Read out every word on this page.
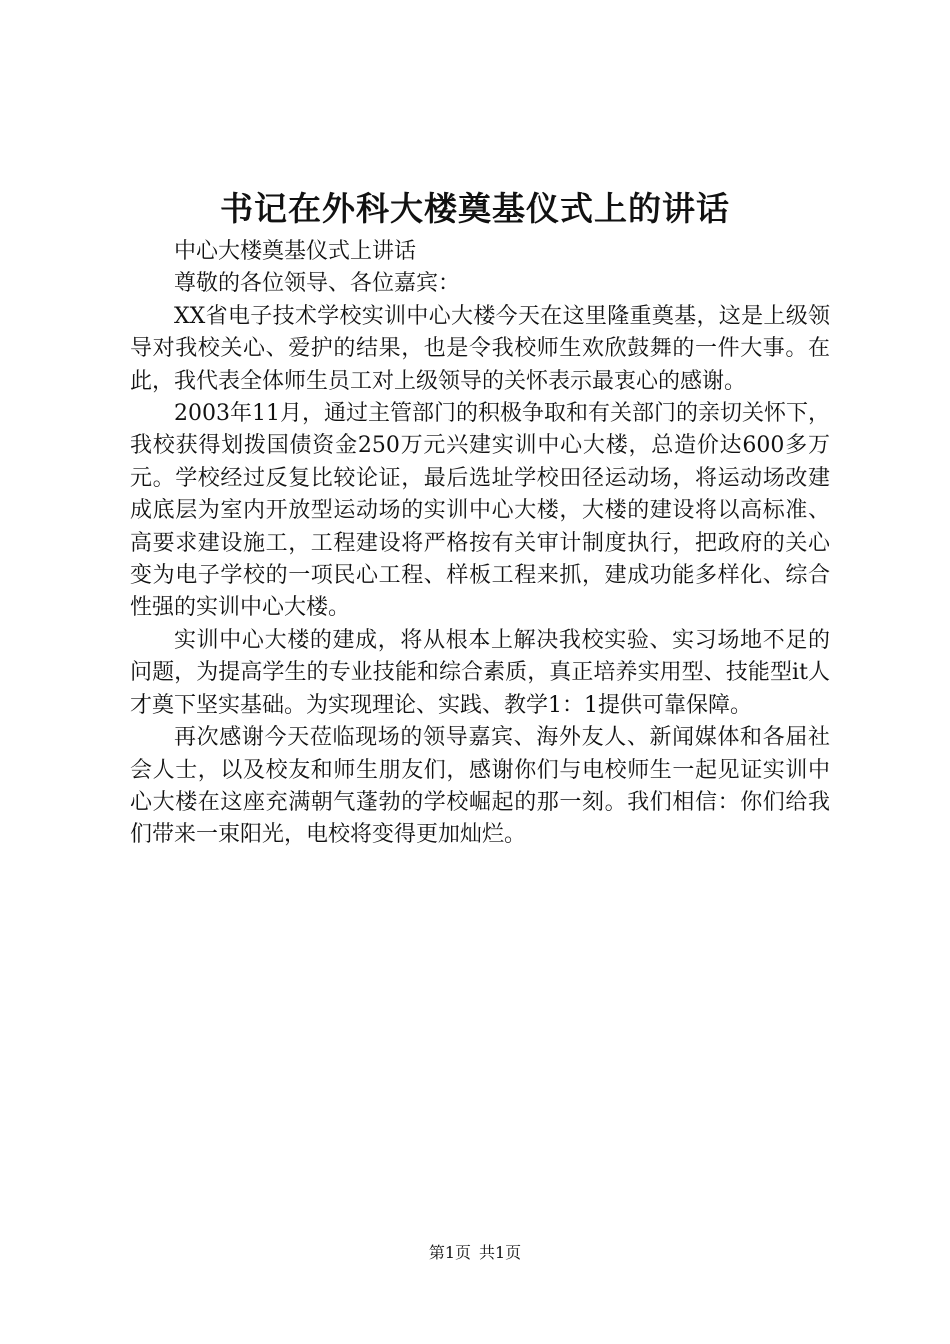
书记在外科大楼奠基仪式上的讲话

中心大楼奠基仪式上讲话

尊敬的各位领导、各位嘉宾：

XX省电子技术学校实训中心大楼今天在这里隆重奠基，这是上级领导对我校关心、爱护的结果，也是令我校师生欢欣鼓舞的一件大事。在此，我代表全体师生员工对上级领导的关怀表示最衷心的感谢。

2003年11月，通过主管部门的积极争取和有关部门的亲切关怀下，我校获得划拨国债资金250万元兴建实训中心大楼，总造价达600多万元。学校经过反复比较论证，最后选址学校田径运动场，将运动场改建成底层为室内开放型运动场的实训中心大楼，大楼的建设将以高标准、高要求建设施工，工程建设将严格按有关审计制度执行，把政府的关心变为电子学校的一项民心工程、样板工程来抓，建成功能多样化、综合性强的实训中心大楼。

实训中心大楼的建成，将从根本上解决我校实验、实习场地不足的问题，为提高学生的专业技能和综合素质，真正培养实用型、技能型it人才奠下坚实基础。为实现理论、实践、教学1：1提供可靠保障。

再次感谢今天莅临现场的领导嘉宾、海外友人、新闻媒体和各届社会人士，以及校友和师生朋友们，感谢你们与电校师生一起见证实训中心大楼在这座充满朝气蓬勃的学校崛起的那一刻。我们相信：你们给我们带来一束阳光，电校将变得更加灿烂。

第1页 共1页
